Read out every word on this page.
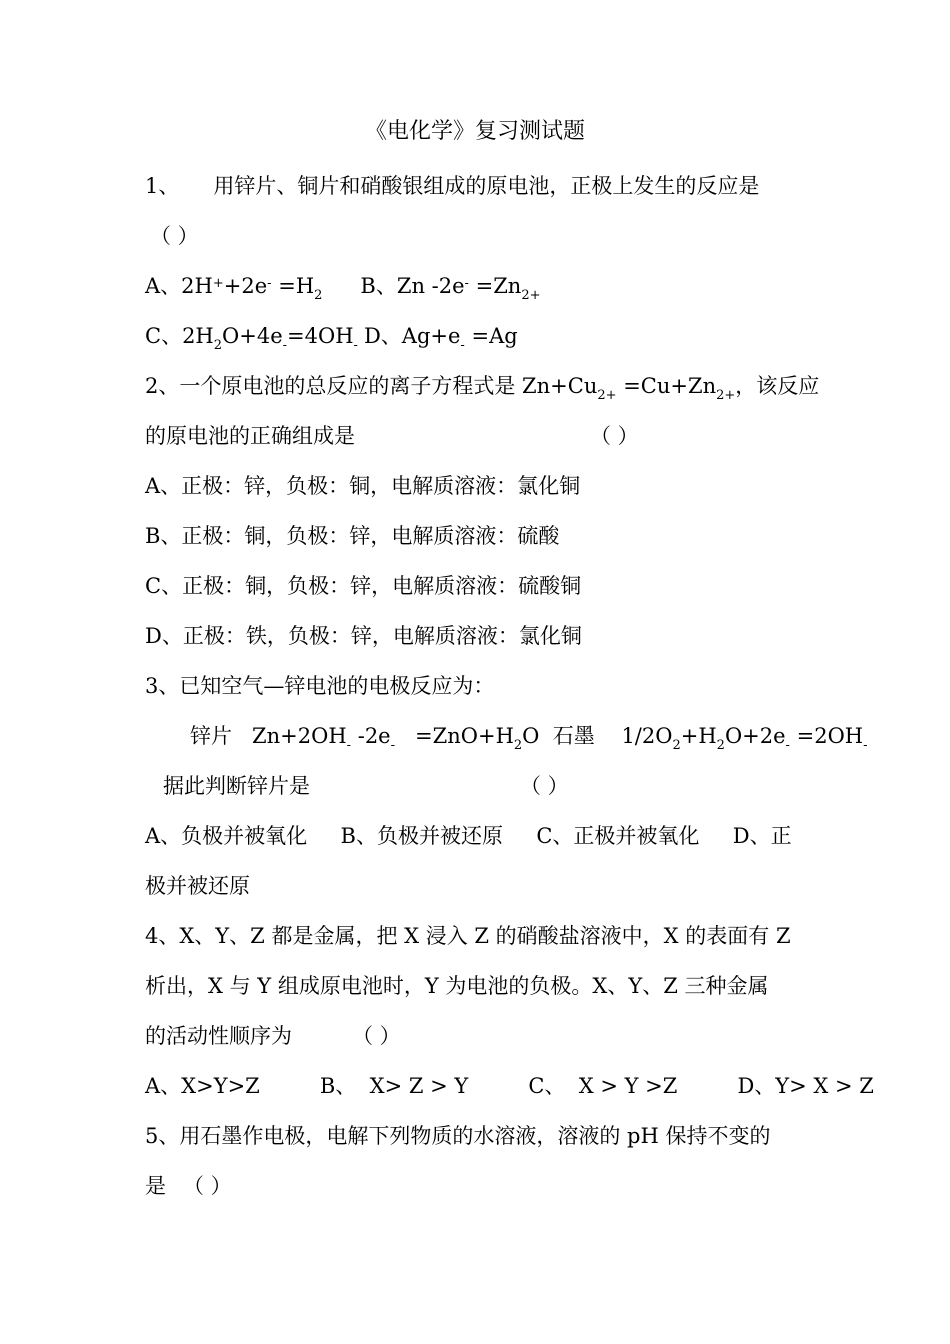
《电化学》复习测试题
1、 用锌片、铜片和硝酸银组成的原电池，正极上发生的反应是
（ ）
A、$2H^++2e^- =H_2$ B、Zn $-2e^- =Zn_{2+}$
C、$2H_2O+4e_-=4OH_-$ D、$Ag+e_- =Ag$
2、一个原电池的总反应的离子方程式是 $Zn+Cu_{2+} =Cu+Zn_{2+}$，该反应
的原电池的正确组成是	（ ）
A、正极：锌，负极：铜，电解质溶液：氯化铜
B、正极：铜，负极：锌，电解质溶液：硫酸
C、正极：铜，负极：锌，电解质溶液：硫酸铜
D、正极：铁，负极：锌，电解质溶液：氯化铜
3、已知空气—锌电池的电极反应为：
锌片   $Zn+2OH_-$ $-2e_- =ZnO+H_2O$  石墨    $1/2O_2+H_2O+2e_- =2OH_-$
据此判断锌片是	（ ）
A、负极并被氧化     B、负极并被还原     C、正极并被氧化     D、正
极并被还原
4、X、Y、Z 都是金属，把 X 浸入 Z 的硝酸盐溶液中，X 的表面有 Z
析出，X 与 Y 组成原电池时，Y 为电池的负极。X、Y、Z 三种金属
的活动性顺序为	（ ）
A、X>Y>Z         B、  X> Z > Y         C、  X > Y >Z         D、Y> X > Z
5、用石墨作电极，电解下列物质的水溶液，溶液的 pH 保持不变的
是 （ ）
